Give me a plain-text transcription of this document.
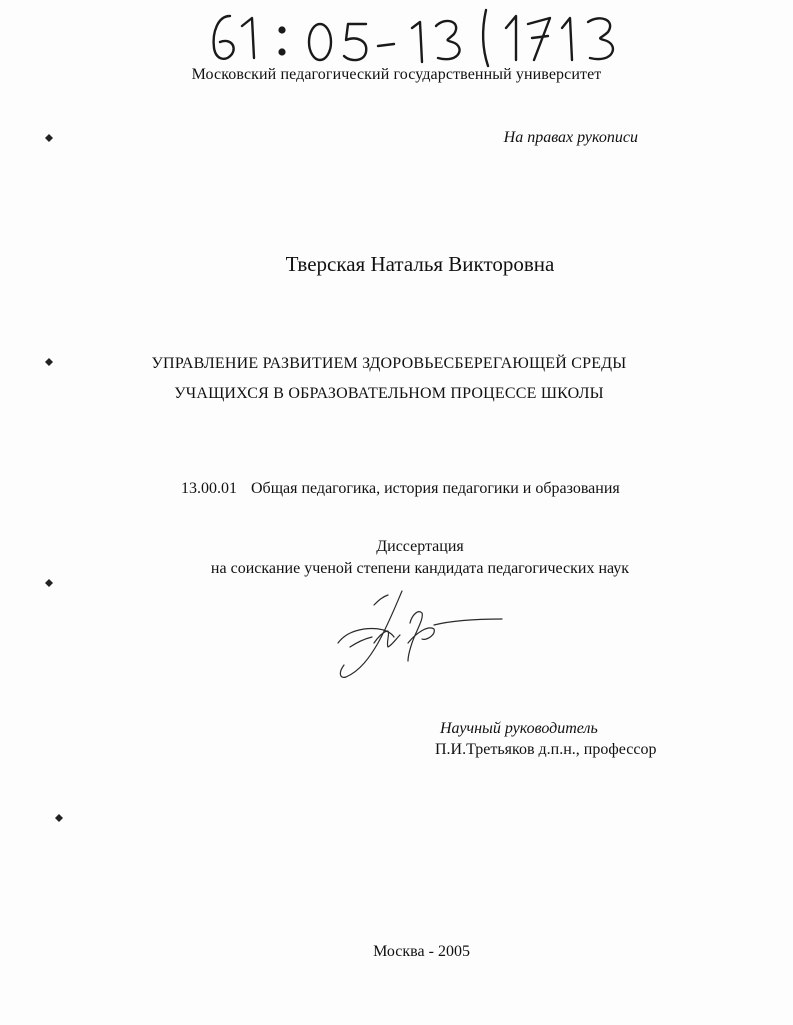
Московский педагогический государственный университет
На правах рукописи
Тверская Наталья Викторовна
УПРАВЛЕНИЕ РАЗВИТИЕМ ЗДОРОВЬЕСБЕРЕГАЮЩЕЙ СРЕДЫ
УЧАЩИХСЯ В ОБРАЗОВАТЕЛЬНОМ ПРОЦЕССЕ ШКОЛЫ
13.00.01 Общая педагогика, история педагогики и образования
Диссертация
на соискание ученой степени кандидата педагогических наук
Научный руководитель
П.И.Третьяков д.п.н., профессор
Москва - 2005
